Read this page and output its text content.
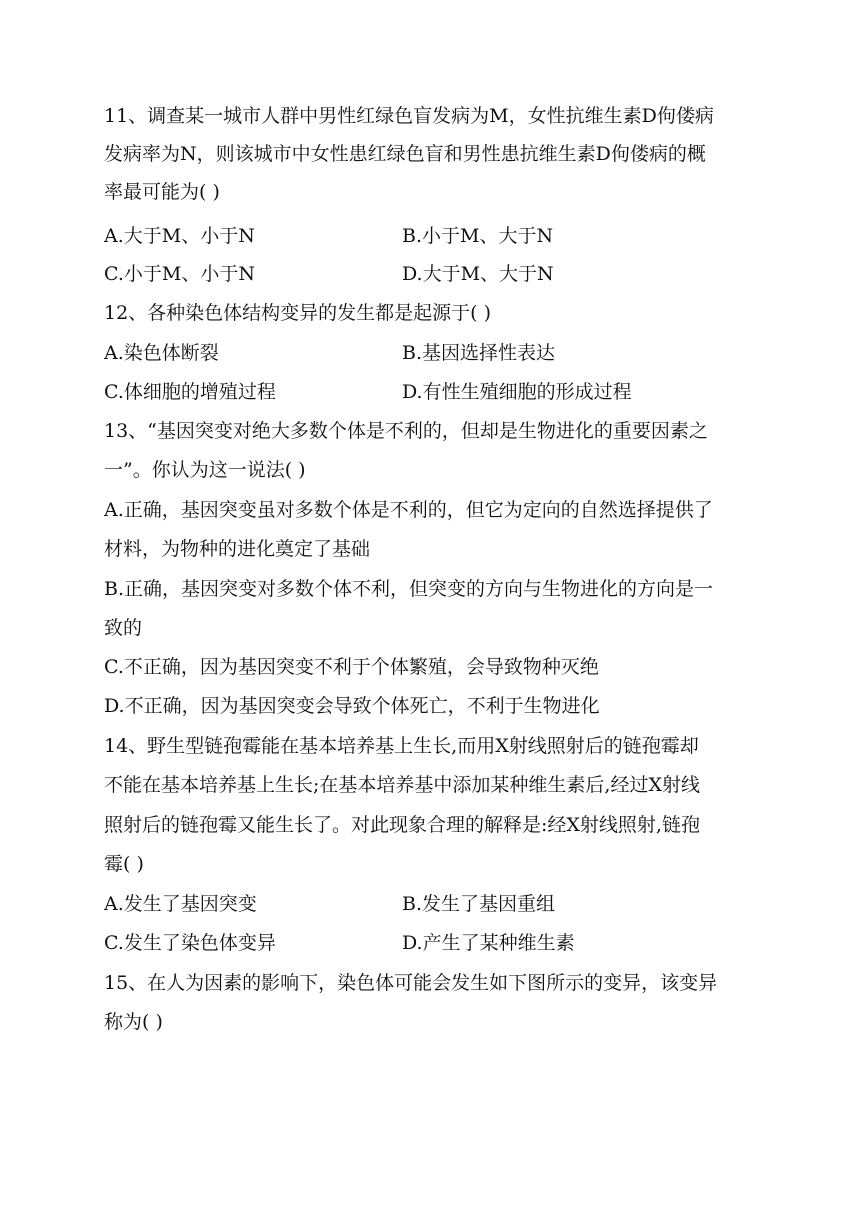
11、调查某一城市人群中男性红绿色盲发病为M，女性抗维生素D佝偻病
发病率为N，则该城市中女性患红绿色盲和男性患抗维生素D佝偻病的概
率最可能为( )
A.大于M、小于N	B.小于M、大于N
C.小于M、小于N	D.大于M、大于N
12、各种染色体结构变异的发生都是起源于( )
A.染色体断裂	B.基因选择性表达
C.体细胞的增殖过程	D.有性生殖细胞的形成过程
13、“基因突变对绝大多数个体是不利的，但却是生物进化的重要因素之
一”。你认为这一说法( )
A.正确，基因突变虽对多数个体是不利的，但它为定向的自然选择提供了
材料，为物种的进化奠定了基础
B.正确，基因突变对多数个体不利，但突变的方向与生物进化的方向是一
致的
C.不正确，因为基因突变不利于个体繁殖，会导致物种灭绝
D.不正确，因为基因突变会导致个体死亡，不利于生物进化
14、野生型链孢霉能在基本培养基上生长,而用X射线照射后的链孢霉却
不能在基本培养基上生长;在基本培养基中添加某种维生素后,经过X射线
照射后的链孢霉又能生长了。对此现象合理的解释是:经X射线照射,链孢
霉( )
A.发生了基因突变	B.发生了基因重组
C.发生了染色体变异	D.产生了某种维生素
15、在人为因素的影响下，染色体可能会发生如下图所示的变异，该变异
称为( )
